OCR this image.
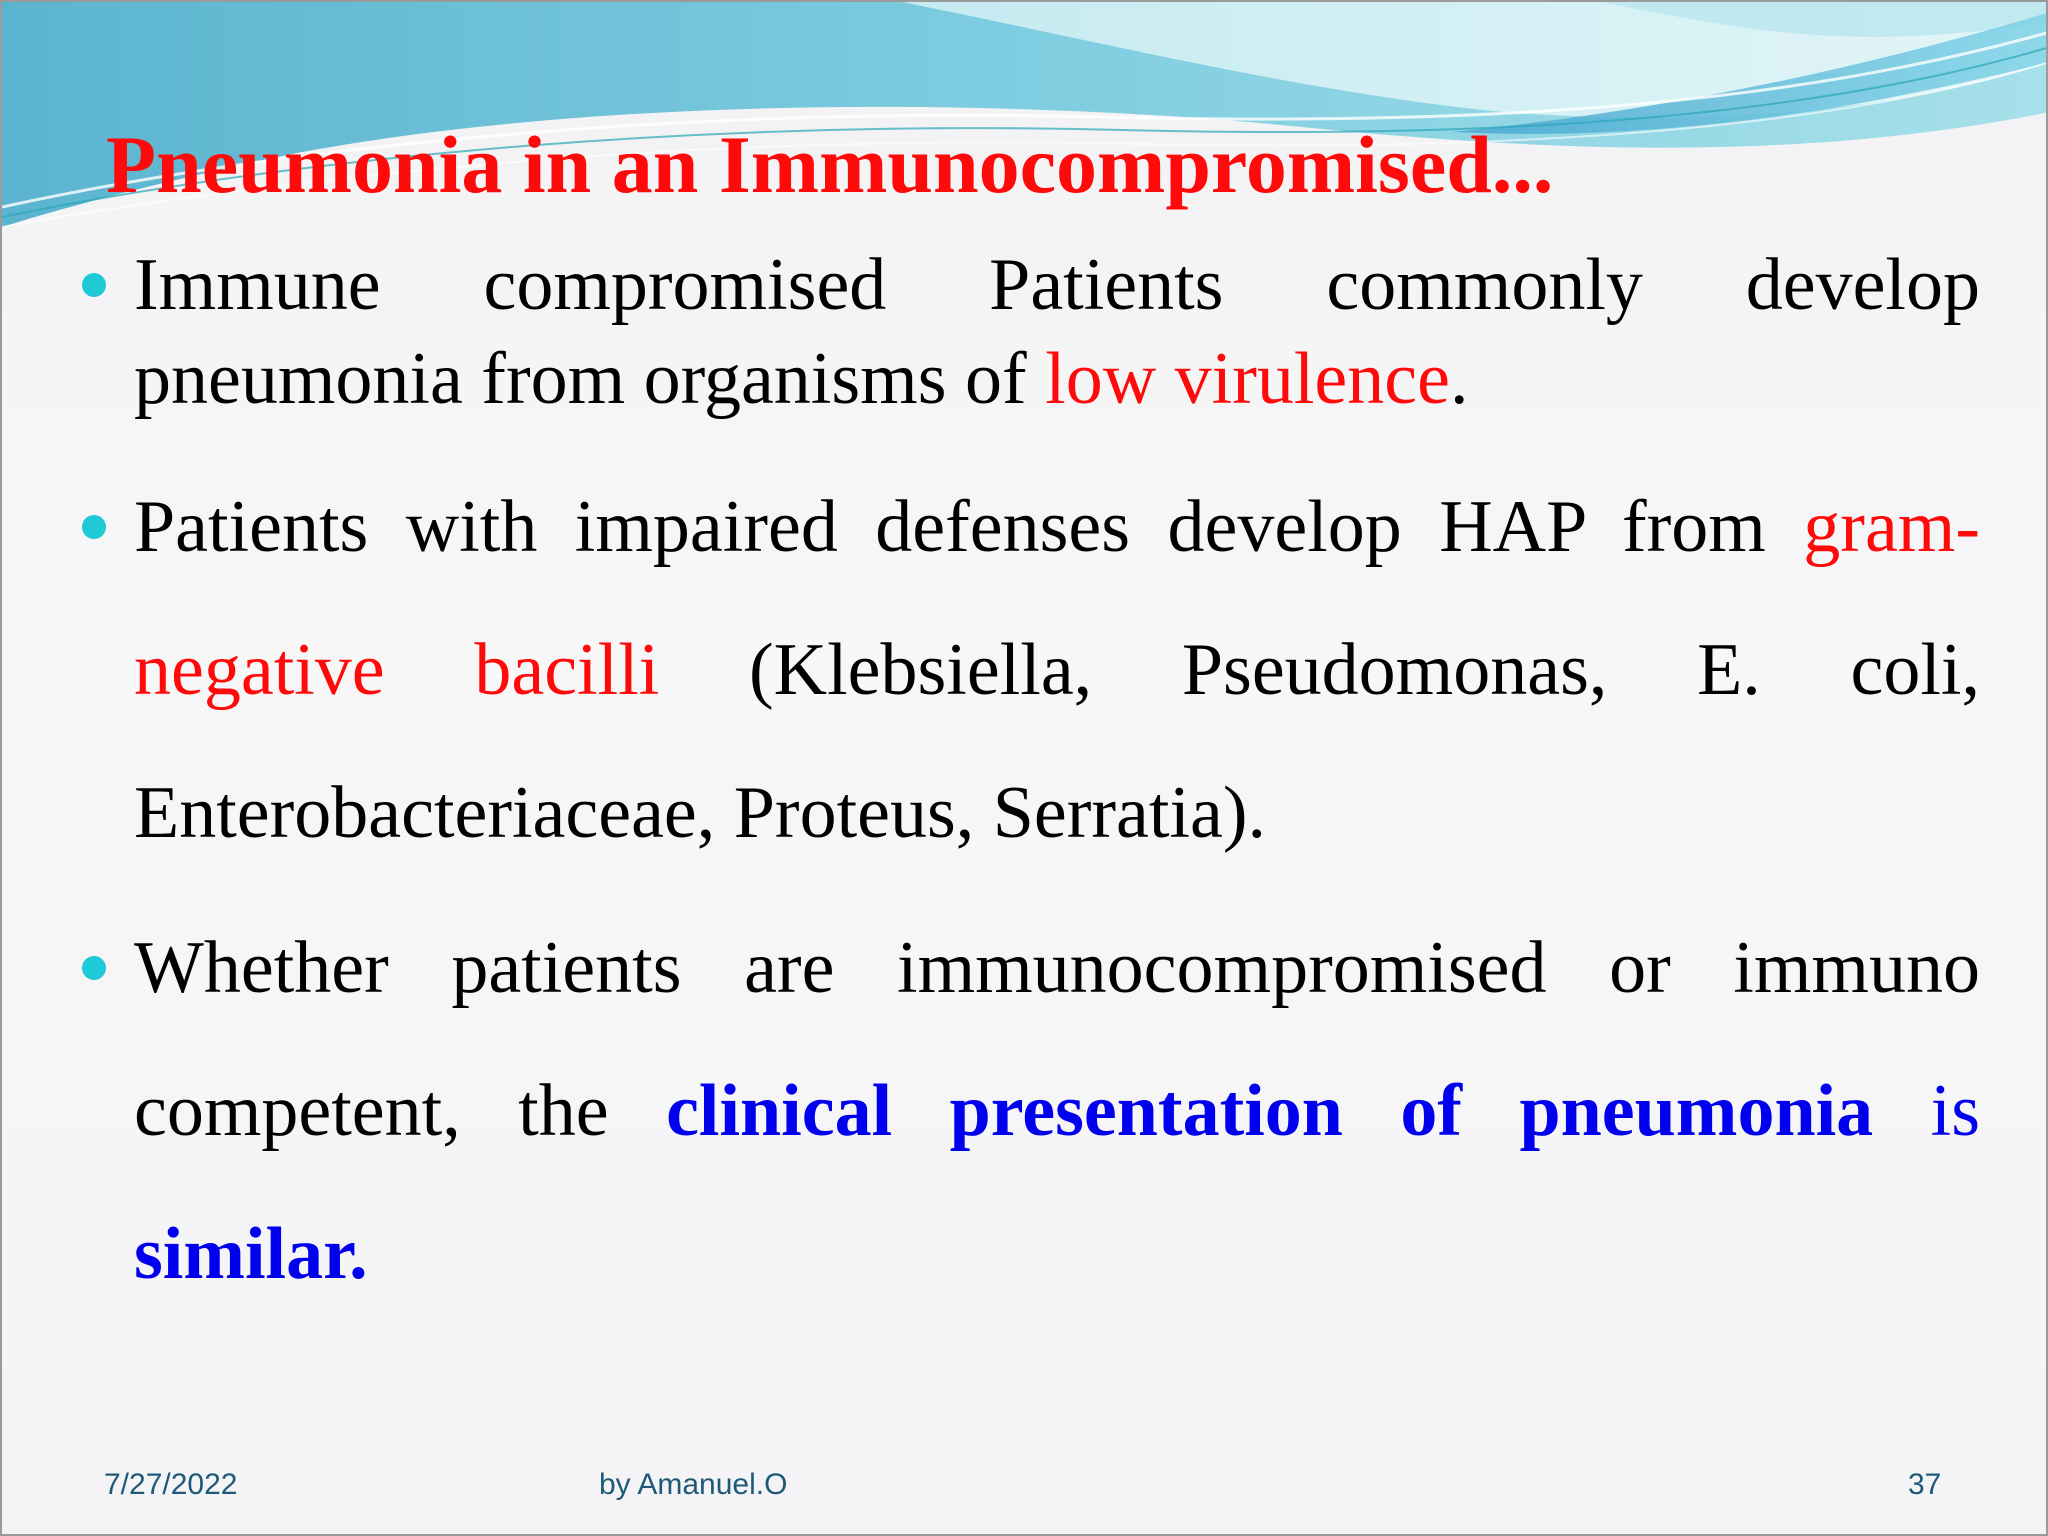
Pneumonia in an Immunocompromised...
Immune compromised Patients commonly develop pneumonia from organisms of low virulence.
Patients with impaired defenses develop HAP from gram-negative bacilli (Klebsiella, Pseudomonas, E. coli, Enterobacteriaceae, Proteus, Serratia).
Whether patients are immunocompromised or immuno competent, the clinical presentation of pneumonia is similar.
7/27/2022	by Amanuel.O	37
